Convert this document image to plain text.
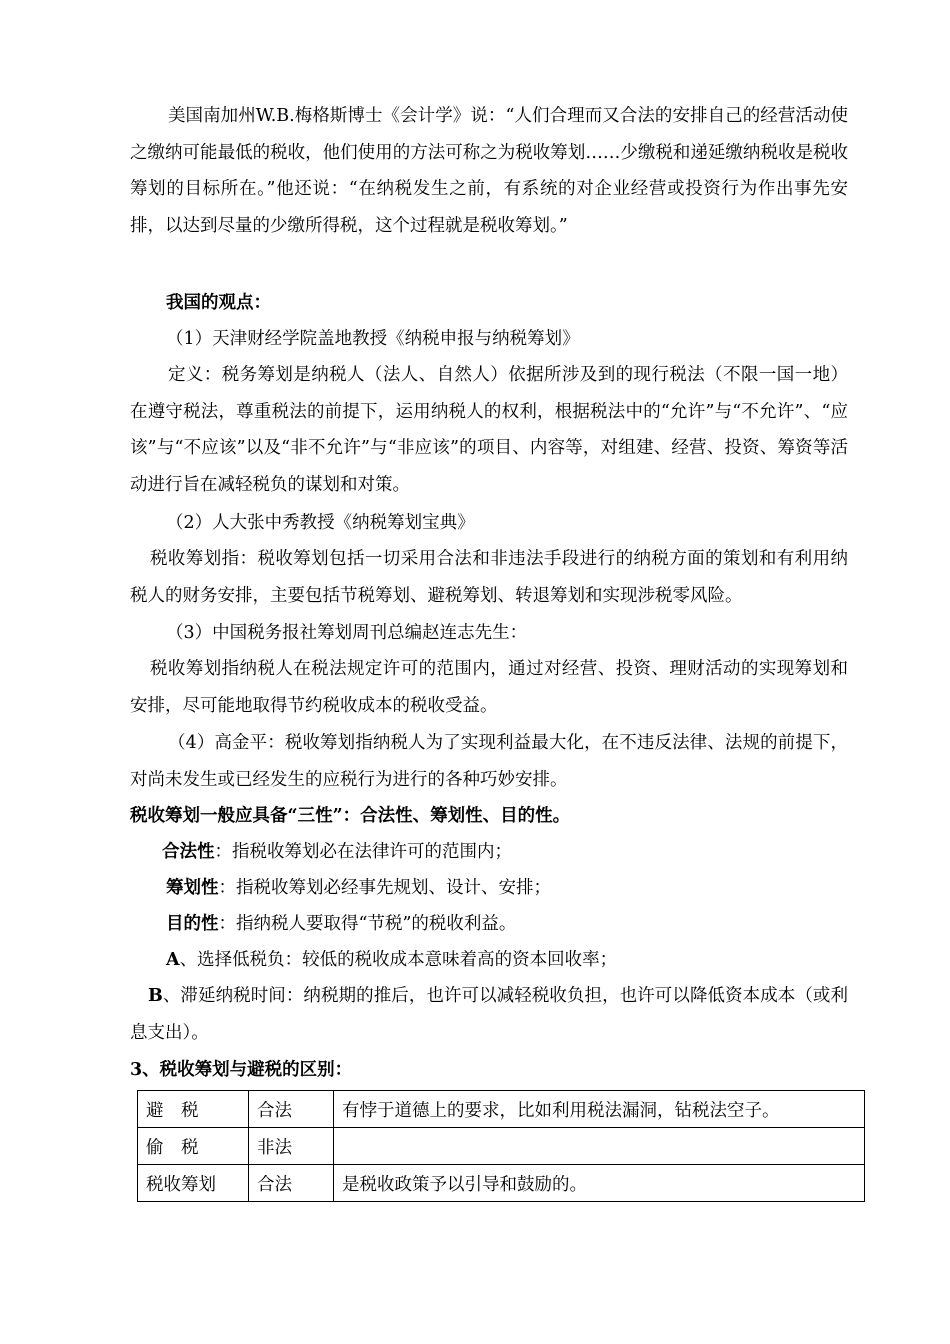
美国南加州W.B.梅格斯博士《会计学》说：“人们合理而又合法的安排自己的经营活动使之缴纳可能最低的税收，他们使用的方法可称之为税收筹划……少缴税和递延缴纳税收是税收筹划的目标所在。”他还说：“在纳税发生之前，有系统的对企业经营或投资行为作出事先安排，以达到尽量的少缴所得税，这个过程就是税收筹划。”

我国的观点：

（1）天津财经学院盖地教授《纳税申报与纳税筹划》

定义：税务筹划是纳税人（法人、自然人）依据所涉及到的现行税法（不限一国一地）在遵守税法，尊重税法的前提下，运用纳税人的权利，根据税法中的“允许”与“不允许”、“应该”与“不应该”以及“非不允许”与“非应该”的项目、内容等，对组建、经营、投资、筹资等活动进行旨在减轻税负的谋划和对策。

（2）人大张中秀教授《纳税筹划宝典》

税收筹划指：税收筹划包括一切采用合法和非违法手段进行的纳税方面的策划和有利用纳税人的财务安排，主要包括节税筹划、避税筹划、转退筹划和实现涉税零风险。

（3）中国税务报社筹划周刊总编赵连志先生：

税收筹划指纳税人在税法规定许可的范围内，通过对经营、投资、理财活动的实现筹划和安排，尽可能地取得节约税收成本的税收受益。

（4）高金平：税收筹划指纳税人为了实现利益最大化，在不违反法律、法规的前提下，对尚未发生或已经发生的应税行为进行的各种巧妙安排。

税收筹划一般应具备“三性”：合法性、筹划性、目的性。

合法性：指税收筹划必在法律许可的范围内；

筹划性：指税收筹划必经事先规划、设计、安排；

目的性：指纳税人要取得“节税”的税收利益。

A、选择低税负：较低的税收成本意味着高的资本回收率；

B、滞延纳税时间：纳税期的推后，也许可以减轻税收负担，也许可以降低资本成本（或利息支出）。

3、税收筹划与避税的区别：

避　税	合法	有悖于道德上的要求，比如利用税法漏洞，钻税法空子。
偷　税	非法	
税收筹划	合法	是税收政策予以引导和鼓励的。
